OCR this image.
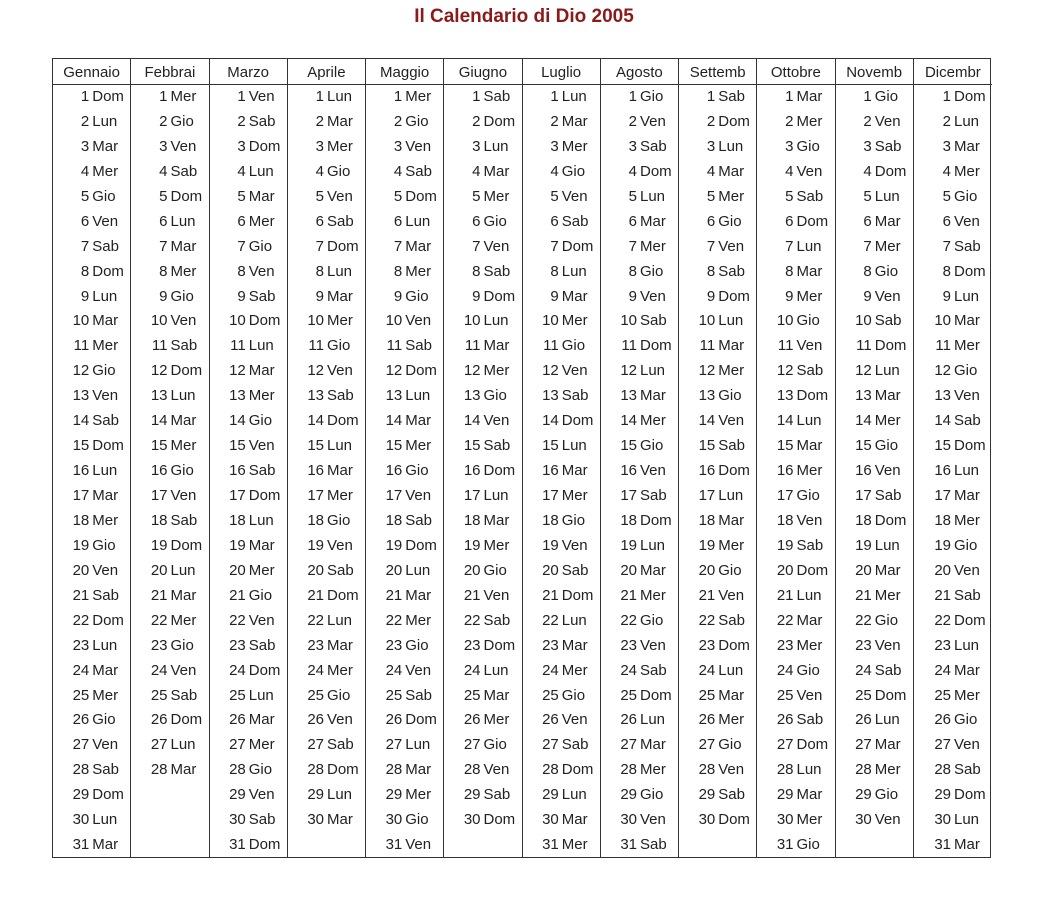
Il Calendario di Dio 2005
Gennaio
1 Dom
2 Lun
3 Mar
4 Mer
5 Gio
6 Ven
7 Sab
8 Dom
9 Lun
10 Mar
11 Mer
12 Gio
13 Ven
14 Sab
15 Dom
16 Lun
17 Mar
18 Mer
19 Gio
20 Ven
21 Sab
22 Dom
23 Lun
24 Mar
25 Mer
26 Gio
27 Ven
28 Sab
29 Dom
30 Lun
31 Mar
Febbrai
1 Mer
2 Gio
3 Ven
4 Sab
5 Dom
6 Lun
7 Mar
8 Mer
9 Gio
10 Ven
11 Sab
12 Dom
13 Lun
14 Mar
15 Mer
16 Gio
17 Ven
18 Sab
19 Dom
20 Lun
21 Mar
22 Mer
23 Gio
24 Ven
25 Sab
26 Dom
27 Lun
28 Mar
Marzo
1 Ven
2 Sab
3 Dom
4 Lun
5 Mar
6 Mer
7 Gio
8 Ven
9 Sab
10 Dom
11 Lun
12 Mar
13 Mer
14 Gio
15 Ven
16 Sab
17 Dom
18 Lun
19 Mar
20 Mer
21 Gio
22 Ven
23 Sab
24 Dom
25 Lun
26 Mar
27 Mer
28 Gio
29 Ven
30 Sab
31 Dom
Aprile
1 Lun
2 Mar
3 Mer
4 Gio
5 Ven
6 Sab
7 Dom
8 Lun
9 Mar
10 Mer
11 Gio
12 Ven
13 Sab
14 Dom
15 Lun
16 Mar
17 Mer
18 Gio
19 Ven
20 Sab
21 Dom
22 Lun
23 Mar
24 Mer
25 Gio
26 Ven
27 Sab
28 Dom
29 Lun
30 Mar
Maggio
1 Mer
2 Gio
3 Ven
4 Sab
5 Dom
6 Lun
7 Mar
8 Mer
9 Gio
10 Ven
11 Sab
12 Dom
13 Lun
14 Mar
15 Mer
16 Gio
17 Ven
18 Sab
19 Dom
20 Lun
21 Mar
22 Mer
23 Gio
24 Ven
25 Sab
26 Dom
27 Lun
28 Mar
29 Mer
30 Gio
31 Ven
Giugno
1 Sab
2 Dom
3 Lun
4 Mar
5 Mer
6 Gio
7 Ven
8 Sab
9 Dom
10 Lun
11 Mar
12 Mer
13 Gio
14 Ven
15 Sab
16 Dom
17 Lun
18 Mar
19 Mer
20 Gio
21 Ven
22 Sab
23 Dom
24 Lun
25 Mar
26 Mer
27 Gio
28 Ven
29 Sab
30 Dom
Luglio
1 Lun
2 Mar
3 Mer
4 Gio
5 Ven
6 Sab
7 Dom
8 Lun
9 Mar
10 Mer
11 Gio
12 Ven
13 Sab
14 Dom
15 Lun
16 Mar
17 Mer
18 Gio
19 Ven
20 Sab
21 Dom
22 Lun
23 Mar
24 Mer
25 Gio
26 Ven
27 Sab
28 Dom
29 Lun
30 Mar
31 Mer
Agosto
1 Gio
2 Ven
3 Sab
4 Dom
5 Lun
6 Mar
7 Mer
8 Gio
9 Ven
10 Sab
11 Dom
12 Lun
13 Mar
14 Mer
15 Gio
16 Ven
17 Sab
18 Dom
19 Lun
20 Mar
21 Mer
22 Gio
23 Ven
24 Sab
25 Dom
26 Lun
27 Mar
28 Mer
29 Gio
30 Ven
31 Sab
Settemb
1 Sab
2 Dom
3 Lun
4 Mar
5 Mer
6 Gio
7 Ven
8 Sab
9 Dom
10 Lun
11 Mar
12 Mer
13 Gio
14 Ven
15 Sab
16 Dom
17 Lun
18 Mar
19 Mer
20 Gio
21 Ven
22 Sab
23 Dom
24 Lun
25 Mar
26 Mer
27 Gio
28 Ven
29 Sab
30 Dom
Ottobre
1 Mar
2 Mer
3 Gio
4 Ven
5 Sab
6 Dom
7 Lun
8 Mar
9 Mer
10 Gio
11 Ven
12 Sab
13 Dom
14 Lun
15 Mar
16 Mer
17 Gio
18 Ven
19 Sab
20 Dom
21 Lun
22 Mar
23 Mer
24 Gio
25 Ven
26 Sab
27 Dom
28 Lun
29 Mar
30 Mer
31 Gio
Novemb
1 Gio
2 Ven
3 Sab
4 Dom
5 Lun
6 Mar
7 Mer
8 Gio
9 Ven
10 Sab
11 Dom
12 Lun
13 Mar
14 Mer
15 Gio
16 Ven
17 Sab
18 Dom
19 Lun
20 Mar
21 Mer
22 Gio
23 Ven
24 Sab
25 Dom
26 Lun
27 Mar
28 Mer
29 Gio
30 Ven
Dicembr
1 Dom
2 Lun
3 Mar
4 Mer
5 Gio
6 Ven
7 Sab
8 Dom
9 Lun
10 Mar
11 Mer
12 Gio
13 Ven
14 Sab
15 Dom
16 Lun
17 Mar
18 Mer
19 Gio
20 Ven
21 Sab
22 Dom
23 Lun
24 Mar
25 Mer
26 Gio
27 Ven
28 Sab
29 Dom
30 Lun
31 Mar
